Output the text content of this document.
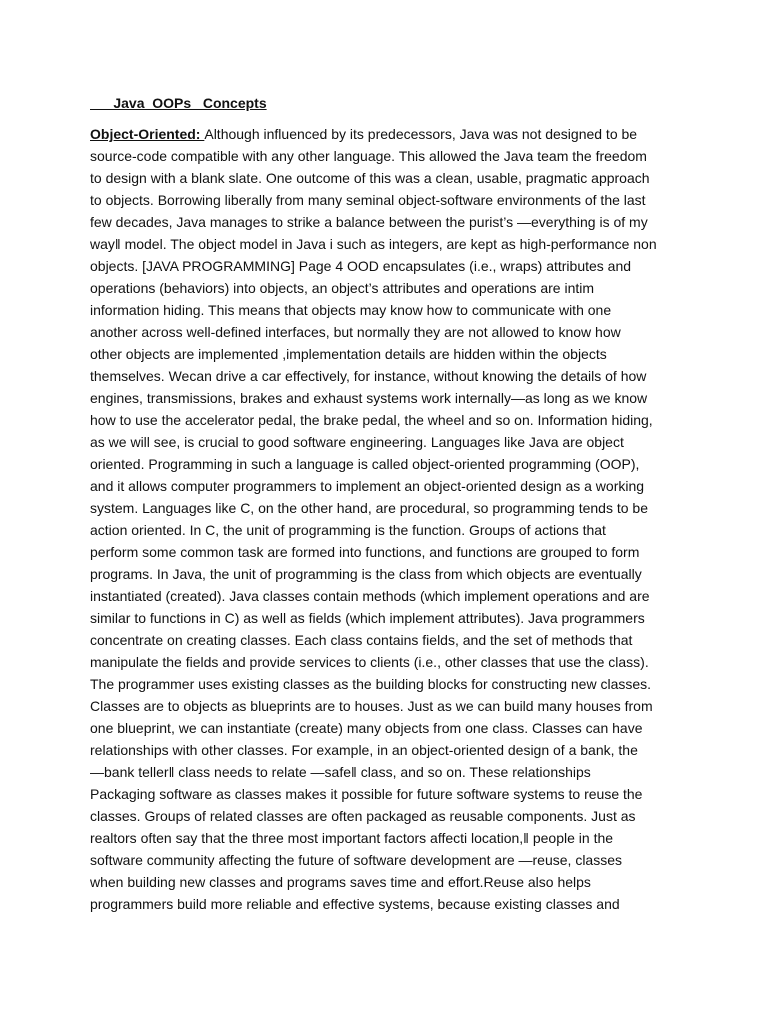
Java  OOPs   Concepts

Object-Oriented: Although influenced by its predecessors, Java was not designed to be
source-code compatible with any other language. This allowed the Java team the freedom
to design with a blank slate. One outcome of this was a clean, usable, pragmatic approach
to objects. Borrowing liberally from many seminal object-software environments of the last
few decades, Java manages to strike a balance between the purist’s ―everything is of my
way‖ model. The object model in Java i such as integers, are kept as high-performance non
objects. [JAVA PROGRAMMING] Page 4 OOD encapsulates (i.e., wraps) attributes and
operations (behaviors) into objects, an object’s attributes and operations are intim
information hiding. This means that objects may know how to communicate with one
another across well-defined interfaces, but normally they are not allowed to know how
other objects are implemented ,implementation details are hidden within the objects
themselves. Wecan drive a car effectively, for instance, without knowing the details of how
engines, transmissions, brakes and exhaust systems work internally—as long as we know
how to use the accelerator pedal, the brake pedal, the wheel and so on. Information hiding,
as we will see, is crucial to good software engineering. Languages like Java are object
oriented. Programming in such a language is called object-oriented programming (OOP),
and it allows computer programmers to implement an object-oriented design as a working
system. Languages like C, on the other hand, are procedural, so programming tends to be
action oriented. In C, the unit of programming is the function. Groups of actions that
perform some common task are formed into functions, and functions are grouped to form
programs. In Java, the unit of programming is the class from which objects are eventually
instantiated (created). Java classes contain methods (which implement operations and are
similar to functions in C) as well as fields (which implement attributes). Java programmers
concentrate on creating classes. Each class contains fields, and the set of methods that
manipulate the fields and provide services to clients (i.e., other classes that use the class).
The programmer uses existing classes as the building blocks for constructing new classes.
Classes are to objects as blueprints are to houses. Just as we can build many houses from
one blueprint, we can instantiate (create) many objects from one class. Classes can have
relationships with other classes. For example, in an object-oriented design of a bank, the
―bank teller‖ class needs to relate ―safe‖ class, and so on. These relationships
Packaging software as classes makes it possible for future software systems to reuse the
classes. Groups of related classes are often packaged as reusable components. Just as
realtors often say that the three most important factors affecti location,‖ people in the
software community affecting the future of software development are ―reuse, classes
when building new classes and programs saves time and effort.Reuse also helps
programmers build more reliable and effective systems, because existing classes and
